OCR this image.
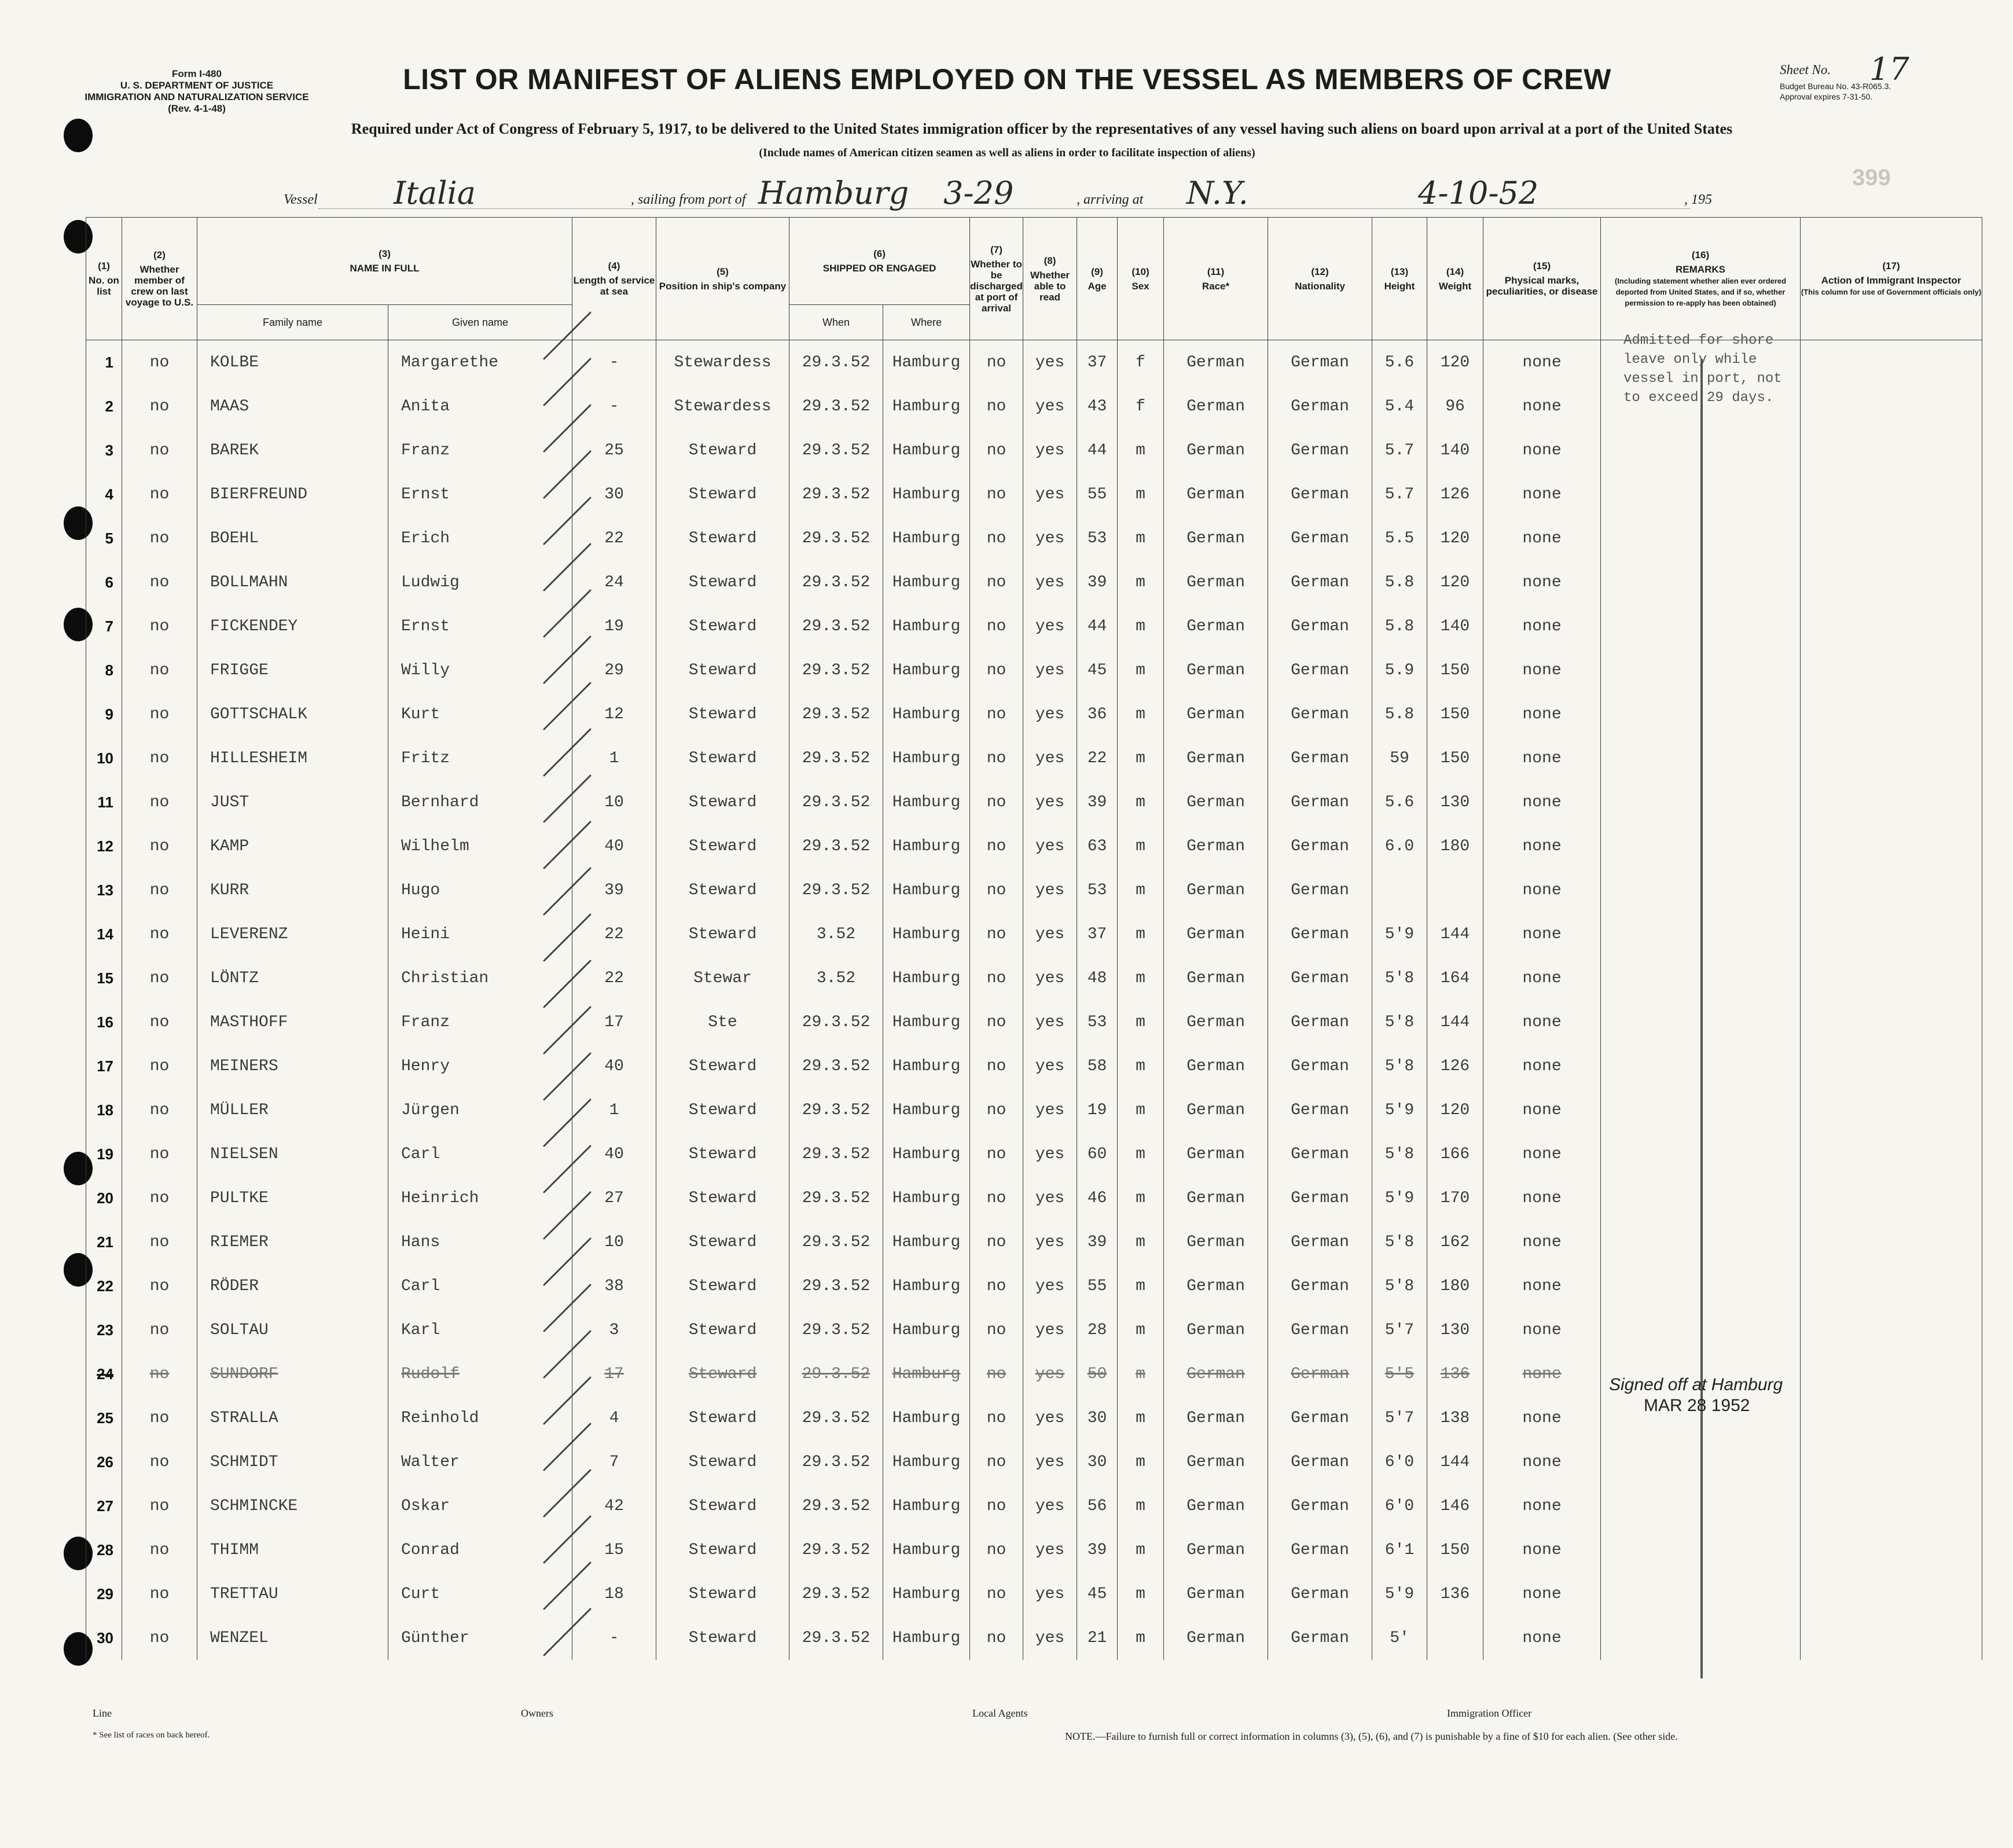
Form I-480
U. S. DEPARTMENT OF JUSTICE
IMMIGRATION AND NATURALIZATION SERVICE
(Rev. 4-1-48)
LIST OR MANIFEST OF ALIENS EMPLOYED ON THE VESSEL AS MEMBERS OF CREW
Required under Act of Congress of February 5, 1917, to be delivered to the United States immigration officer by the representatives of any vessel having such aliens on board upon arrival at a port of the United States
(Include names of American citizen seamen as well as aliens in order to facilitate inspection of aliens)
Sheet No.	17
Budget Bureau No. 43-R065.3.
Approval expires 7-31-50.
399
Vessel Italia	, sailing from port of Hamburg 3-29	, arriving at N.Y.	4-10-52	, 195
(1)
No. on list	(2)
Whether member of crew on last voyage to U.S.	(3)
NAME IN FULL		(4)
Length of service at sea	(5)
Position in ship's company	(6)
SHIPPED OR ENGAGED		(7)
Whether to be discharged at port of arrival	(8)
Whether able to read	(9)
Age	(10)
Sex	(11)
Race*	(12)
Nationality	(13)
Height	(14)
Weight	(15)
Physical marks, peculiarities, or disease	(16)
REMARKS
(Including statement whether alien ever ordered deported from United States, and if so, whether permission to re-apply has been obtained)	(17)
Action of Immigrant Inspector
(This column for use of Government officials only)
		Family name	Given name			When	Where											
1	no	KOLBE	Margarethe	-	Stewardess	29.3.52	Hamburg	no	yes	37	f	German	German	5.6	120	none		
2	no	MAAS	Anita	-	Stewardess	29.3.52	Hamburg	no	yes	43	f	German	German	5.4	96	none		
3	no	BAREK	Franz	25	Steward	29.3.52	Hamburg	no	yes	44	m	German	German	5.7	140	none		
4	no	BIERFREUND	Ernst	30	Steward	29.3.52	Hamburg	no	yes	55	m	German	German	5.7	126	none		
5	no	BOEHL	Erich	22	Steward	29.3.52	Hamburg	no	yes	53	m	German	German	5.5	120	none		
6	no	BOLLMAHN	Ludwig	24	Steward	29.3.52	Hamburg	no	yes	39	m	German	German	5.8	120	none		
7	no	FICKENDEY	Ernst	19	Steward	29.3.52	Hamburg	no	yes	44	m	German	German	5.8	140	none		
8	no	FRIGGE	Willy	29	Steward	29.3.52	Hamburg	no	yes	45	m	German	German	5.9	150	none		
9	no	GOTTSCHALK	Kurt	12	Steward	29.3.52	Hamburg	no	yes	36	m	German	German	5.8	150	none		
10	no	HILLESHEIM	Fritz	1	Steward	29.3.52	Hamburg	no	yes	22	m	German	German	59	150	none		
11	no	JUST	Bernhard	10	Steward	29.3.52	Hamburg	no	yes	39	m	German	German	5.6	130	none		
12	no	KAMP	Wilhelm	40	Steward	29.3.52	Hamburg	no	yes	63	m	German	German	6.0	180	none		
13	no	KURR	Hugo	39	Steward	29.3.52	Hamburg	no	yes	53	m	German	German			none		
14	no	LEVERENZ	Heini	22	Steward	3.52	Hamburg	no	yes	37	m	German	German	5'9	144	none		
15	no	LÖNTZ	Christian	22	Stewar	3.52	Hamburg	no	yes	48	m	German	German	5'8	164	none		
16	no	MASTHOFF	Franz	17	Ste	29.3.52	Hamburg	no	yes	53	m	German	German	5'8	144	none		
17	no	MEINERS	Henry	40	Steward	29.3.52	Hamburg	no	yes	58	m	German	German	5'8	126	none		
18	no	MÜLLER	Jürgen	1	Steward	29.3.52	Hamburg	no	yes	19	m	German	German	5'9	120	none		
19	no	NIELSEN	Carl	40	Steward	29.3.52	Hamburg	no	yes	60	m	German	German	5'8	166	none		
20	no	PULTKE	Heinrich	27	Steward	29.3.52	Hamburg	no	yes	46	m	German	German	5'9	170	none		
21	no	RIEMER	Hans	10	Steward	29.3.52	Hamburg	no	yes	39	m	German	German	5'8	162	none		
22	no	RÖDER	Carl	38	Steward	29.3.52	Hamburg	no	yes	55	m	German	German	5'8	180	none		
23	no	SOLTAU	Karl	3	Steward	29.3.52	Hamburg	no	yes	28	m	German	German	5'7	130	none		
24	no	SUNDORF	Rudolf	17	Steward	29.3.52	Hamburg	no	yes	50	m	German	German	5'5	136	none		
25	no	STRALLA	Reinhold	4	Steward	29.3.52	Hamburg	no	yes	30	m	German	German	5'7	138	none		
26	no	SCHMIDT	Walter	7	Steward	29.3.52	Hamburg	no	yes	30	m	German	German	6'0	144	none		
27	no	SCHMINCKE	Oskar	42	Steward	29.3.52	Hamburg	no	yes	56	m	German	German	6'0	146	none		
28	no	THIMM	Conrad	15	Steward	29.3.52	Hamburg	no	yes	39	m	German	German	6'1	150	none		
29	no	TRETTAU	Curt	18	Steward	29.3.52	Hamburg	no	yes	45	m	German	German	5'9	136	none		
30	no	WENZEL	Günther	-	Steward	29.3.52	Hamburg	no	yes	21	m	German	German	5'		none		
Admitted for shore leave only while vessel in port, not to exceed 29 days.
Signed off at Hamburg
MAR 28 1952
Line	Owners	Local Agents	Immigration Officer
* See list of races on back hereof.	NOTE.—Failure to furnish full or correct information in columns (3), (5), (6), and (7) is punishable by a fine of $10 for each alien. (See other side.
